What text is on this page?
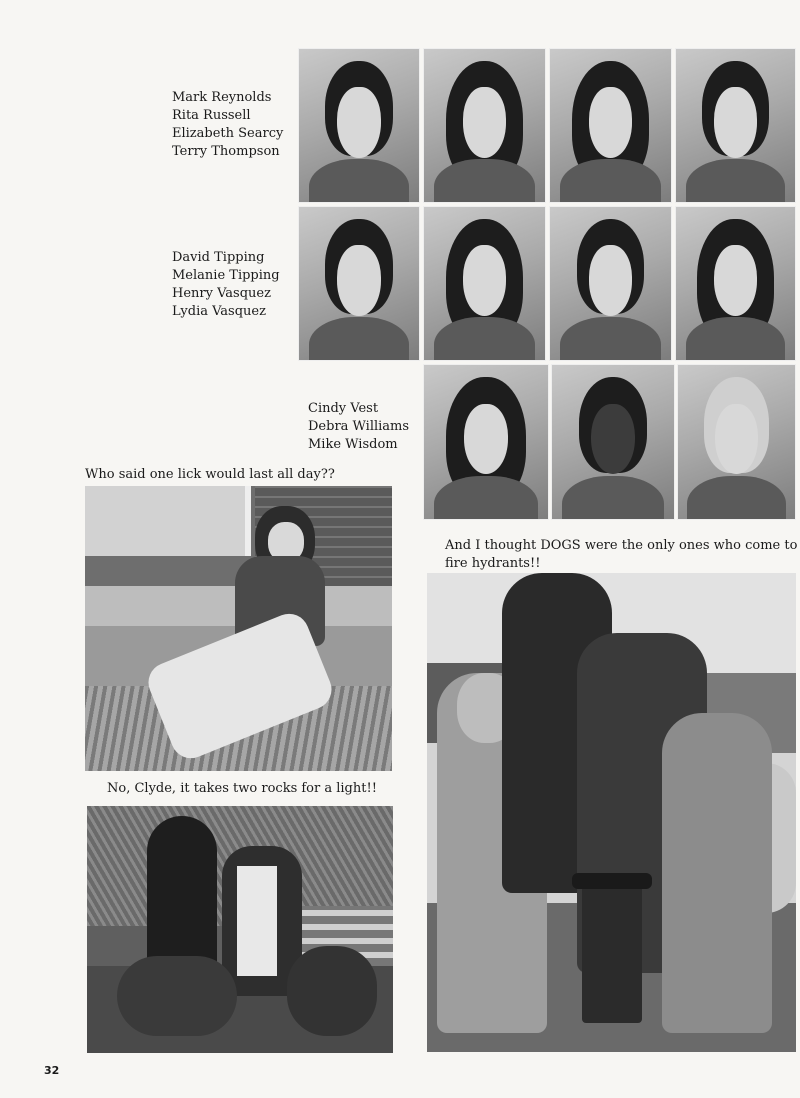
Mark Reynolds
Rita Russell
Elizabeth Searcy
Terry Thompson
David Tipping
Melanie Tipping
Henry Vasquez
Lydia Vasquez
Cindy Vest
Debra Williams
Mike Wisdom
Who said one lick would last all day??
No, Clyde, it takes two rocks for a light!!
And I thought DOGS were the only ones who come to
fire hydrants!!
32
